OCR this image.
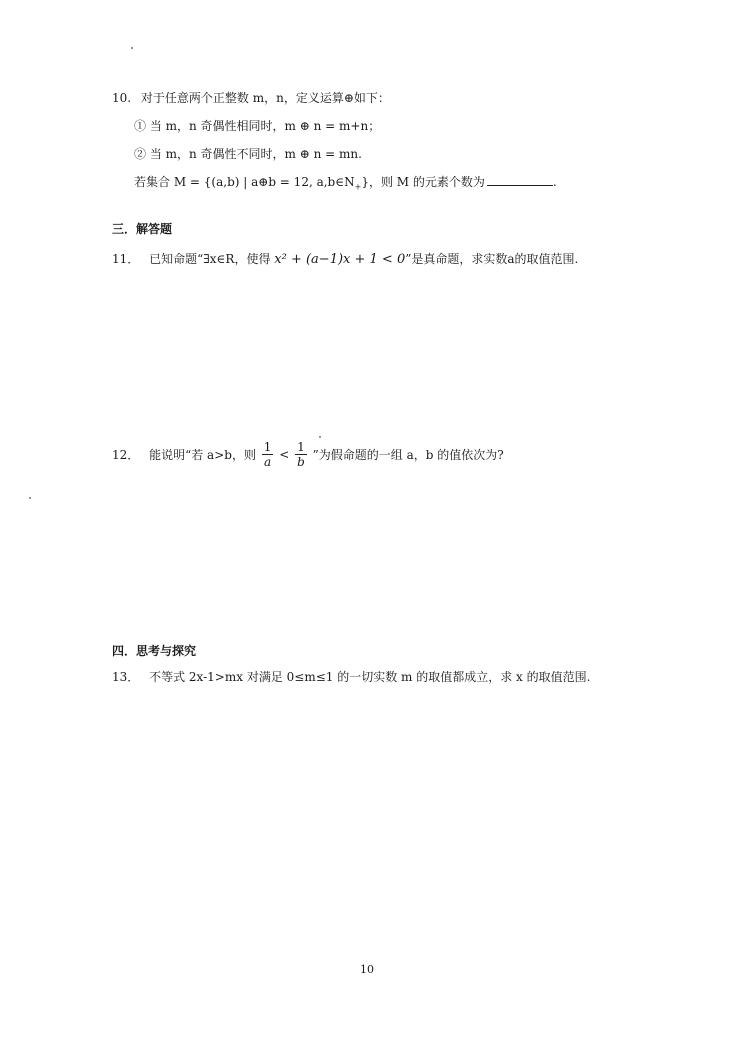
10. 对于任意两个正整数 m，n，定义运算⊕如下：
① 当 m，n 奇偶性相同时，m ⊕ n = m+n；
② 当 m，n 奇偶性不同时，m ⊕ n = mn.
若集合 M = {(a,b) | a⊕b = 12, $a,b\in N_+$}，则 M 的元素个数为	.
三．解答题
11． 已知命题“∃x∈R，使得 x² + (a−1)x + 1 < 0”是真命题，求实数a的取值范围.
12． 能说明“若 a>b，则 $\frac{1}{a} < \frac{1}{b}$ ”为假命题的一组 a，b 的值依次为?
四．思考与探究
13． 不等式 2x-1>mx 对满足 0≤m≤1 的一切实数 m 的取值都成立，求 x 的取值范围.
10
